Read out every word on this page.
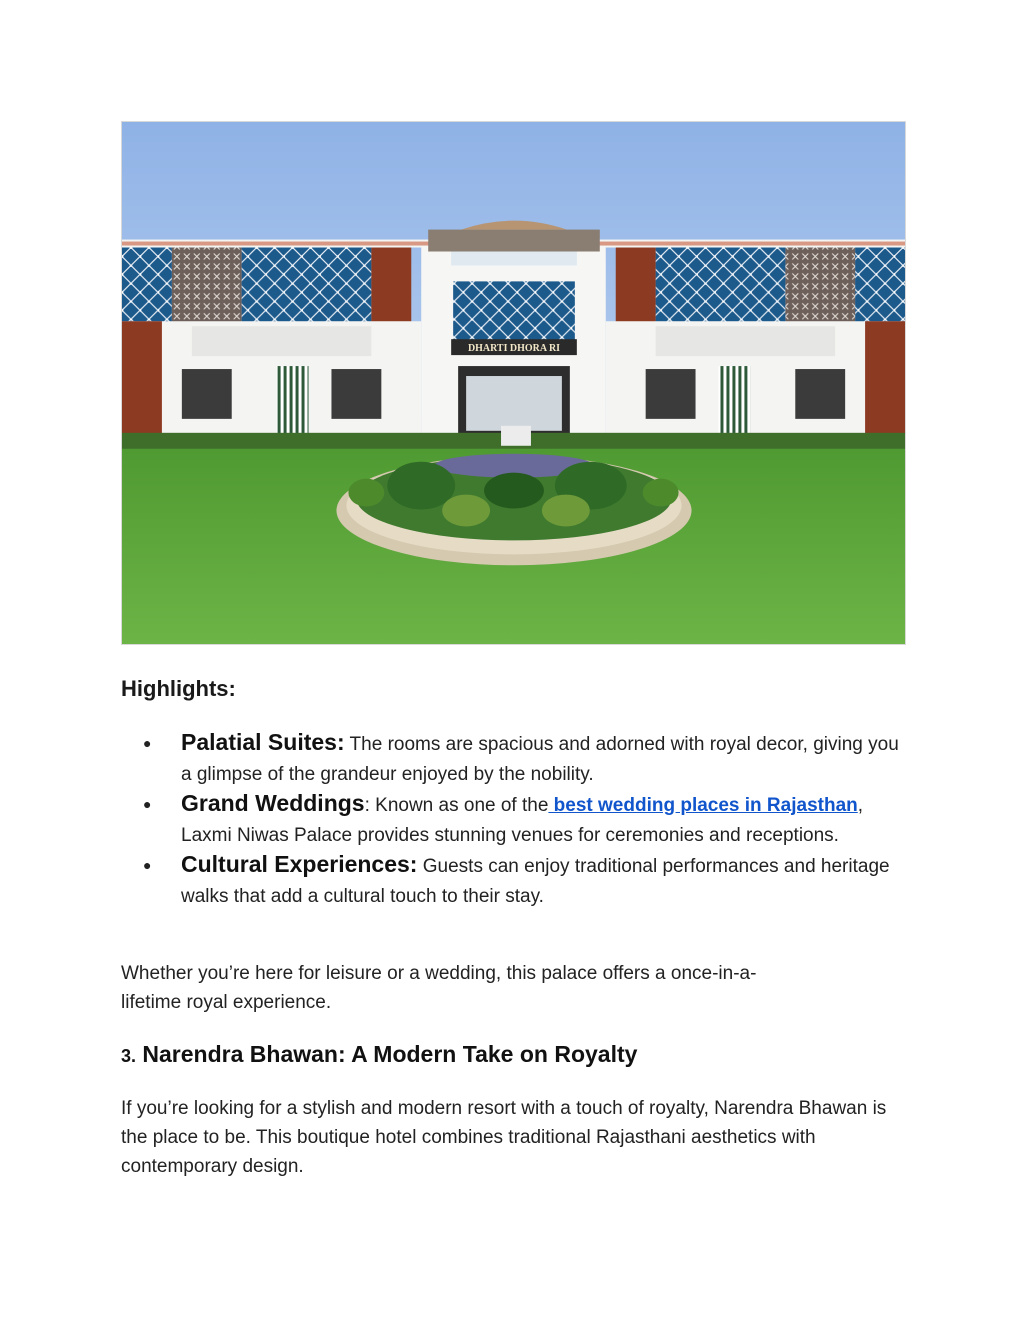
DHARTI DHORA RI
Highlights:
● Palatial Suites: The rooms are spacious and adorned with royal decor, giving you a glimpse of the grandeur enjoyed by the nobility.
● Grand Weddings: Known as one of the best wedding places in Rajasthan, Laxmi Niwas Palace provides stunning venues for ceremonies and receptions.
● Cultural Experiences: Guests can enjoy traditional performances and heritage walks that add a cultural touch to their stay.

Whether you’re here for leisure or a wedding, this palace offers a once-in-a-lifetime royal experience.

3. Narendra Bhawan: A Modern Take on Royalty

If you’re looking for a stylish and modern resort with a touch of royalty, Narendra Bhawan is the place to be. This boutique hotel combines traditional Rajasthani aesthetics with contemporary design.
